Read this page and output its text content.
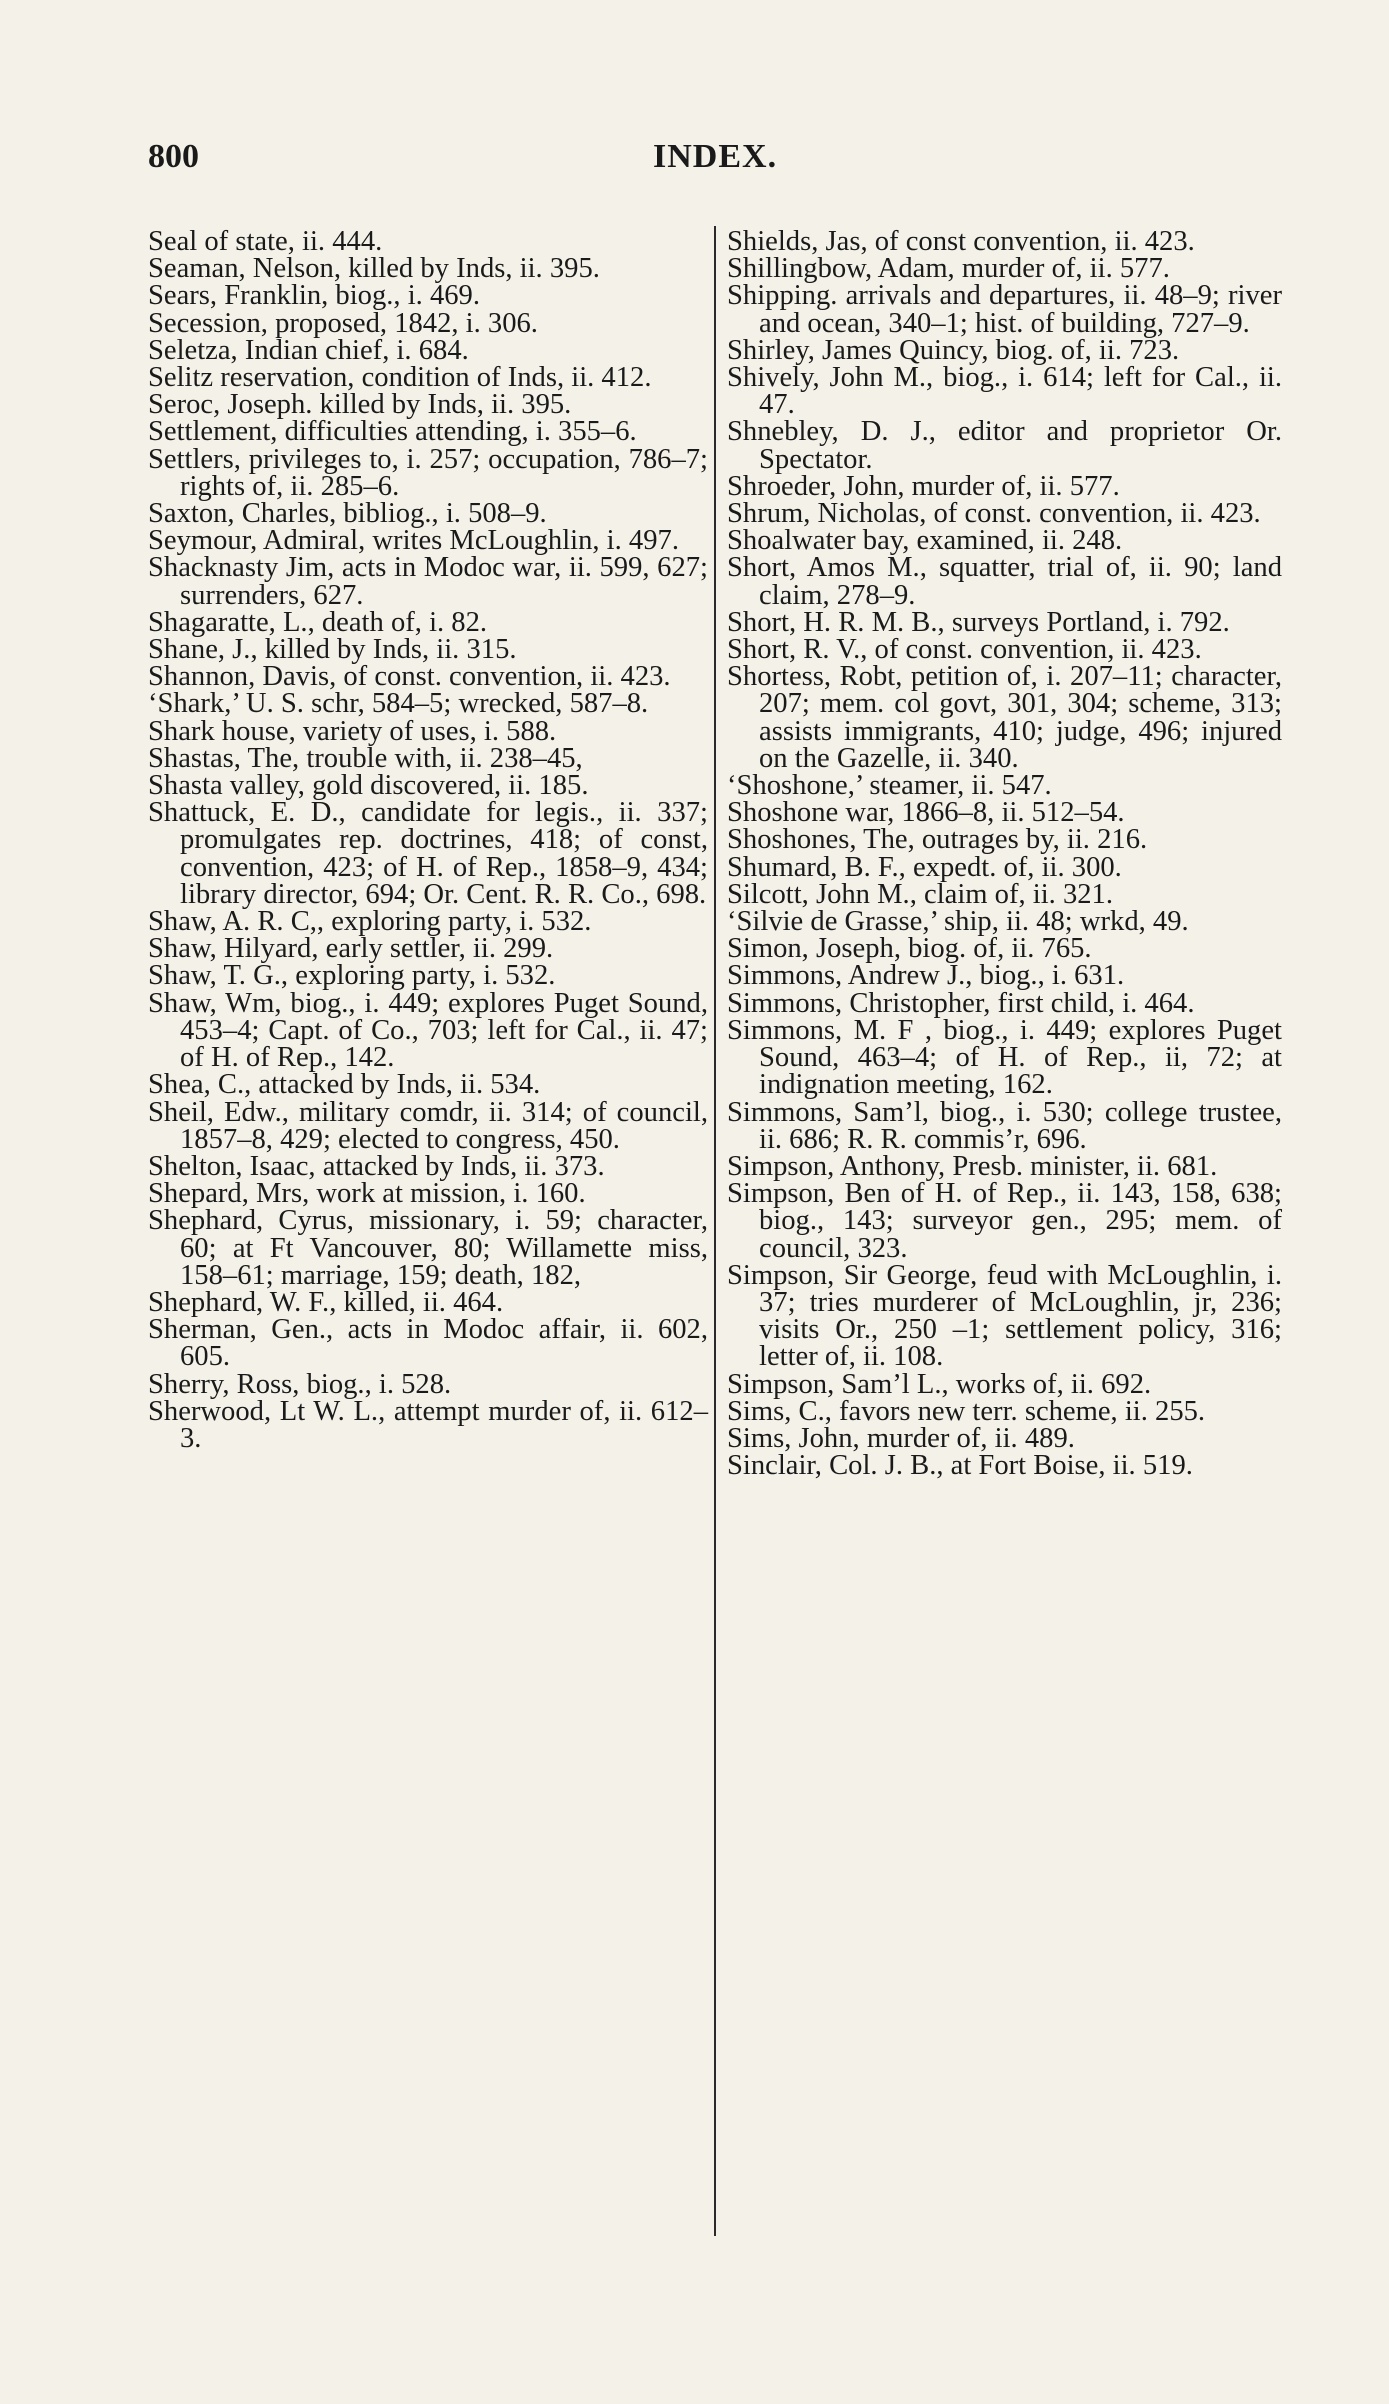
800	INDEX.

Seal of state, ii. 444.

Seaman, Nelson, killed by Inds, ii. 395.

Sears, Franklin, biog., i. 469.

Secession, proposed, 1842, i. 306.

Seletza, Indian chief, i. 684.

Selitz reservation, condition of Inds, ii. 412.

Seroc, Joseph. killed by Inds, ii. 395.

Settlement, difficulties attending, i. 355–6.

Settlers, privileges to, i. 257; occupation, 786–7; rights of, ii. 285–6.

Saxton, Charles, bibliog., i. 508–9.

Seymour, Admiral, writes McLoughlin, i. 497.

Shacknasty Jim, acts in Modoc war, ii. 599, 627; surrenders, 627.

Shagaratte, L., death of, i. 82.

Shane, J., killed by Inds, ii. 315.

Shannon, Davis, of const. convention, ii. 423.

‘Shark,’ U. S. schr, 584–5; wrecked, 587–8.

Shark house, variety of uses, i. 588.

Shastas, The, trouble with, ii. 238–45,

Shasta valley, gold discovered, ii. 185.

Shattuck, E. D., candidate for legis., ii. 337; promulgates rep. doctrines, 418; of const, convention, 423; of H. of Rep., 1858–9, 434; library director, 694; Or. Cent. R. R. Co., 698.

Shaw, A. R. C,, exploring party, i. 532.

Shaw, Hilyard, early settler, ii. 299.

Shaw, T. G., exploring party, i. 532.

Shaw, Wm, biog., i. 449; explores Puget Sound, 453–4; Capt. of Co., 703; left for Cal., ii. 47; of H. of Rep., 142.

Shea, C., attacked by Inds, ii. 534.

Sheil, Edw., military comdr, ii. 314; of council, 1857–8, 429; elected to congress, 450.

Shelton, Isaac, attacked by Inds, ii. 373.

Shepard, Mrs, work at mission, i. 160.

Shephard, Cyrus, missionary, i. 59; character, 60; at Ft Vancouver, 80; Willamette miss, 158–61; marriage, 159; death, 182,

Shephard, W. F., killed, ii. 464.

Sherman, Gen., acts in Modoc affair, ii. 602, 605.

Sherry, Ross, biog., i. 528.

Sherwood, Lt W. L., attempt murder of, ii. 612–3.

Shields, Jas, of const convention, ii. 423.

Shillingbow, Adam, murder of, ii. 577.

Shipping. arrivals and departures, ii. 48–9; river and ocean, 340–1; hist. of building, 727–9.

Shirley, James Quincy, biog. of, ii. 723.

Shively, John M., biog., i. 614; left for Cal., ii. 47.

Shnebley, D. J., editor and proprietor Or. Spectator.

Shroeder, John, murder of, ii. 577.

Shrum, Nicholas, of const. convention, ii. 423.

Shoalwater bay, examined, ii. 248.

Short, Amos M., squatter, trial of, ii. 90; land claim, 278–9.

Short, H. R. M. B., surveys Portland, i. 792.

Short, R. V., of const. convention, ii. 423.

Shortess, Robt, petition of, i. 207–11; character, 207; mem. col govt, 301, 304; scheme, 313; assists immigrants, 410; judge, 496; injured on the Gazelle, ii. 340.

‘Shoshone,’ steamer, ii. 547.

Shoshone war, 1866–8, ii. 512–54.

Shoshones, The, outrages by, ii. 216.

Shumard, B. F., expedt. of, ii. 300.

Silcott, John M., claim of, ii. 321.

‘Silvie de Grasse,’ ship, ii. 48; wrkd, 49.

Simon, Joseph, biog. of, ii. 765.

Simmons, Andrew J., biog., i. 631.

Simmons, Christopher, first child, i. 464.

Simmons, M. F , biog., i. 449; explores Puget Sound, 463–4; of H. of Rep., ii, 72; at indignation meeting, 162.

Simmons, Sam’l, biog., i. 530; college trustee, ii. 686; R. R. commis’r, 696.

Simpson, Anthony, Presb. minister, ii. 681.

Simpson, Ben of H. of Rep., ii. 143, 158, 638; biog., 143; surveyor gen., 295; mem. of council, 323.

Simpson, Sir George, feud with McLoughlin, i. 37; tries murderer of McLoughlin, jr, 236; visits Or., 250 –1; settlement policy, 316; letter of, ii. 108.

Simpson, Sam’l L., works of, ii. 692.

Sims, C., favors new terr. scheme, ii. 255.

Sims, John, murder of, ii. 489.

Sinclair, Col. J. B., at Fort Boise, ii. 519.
